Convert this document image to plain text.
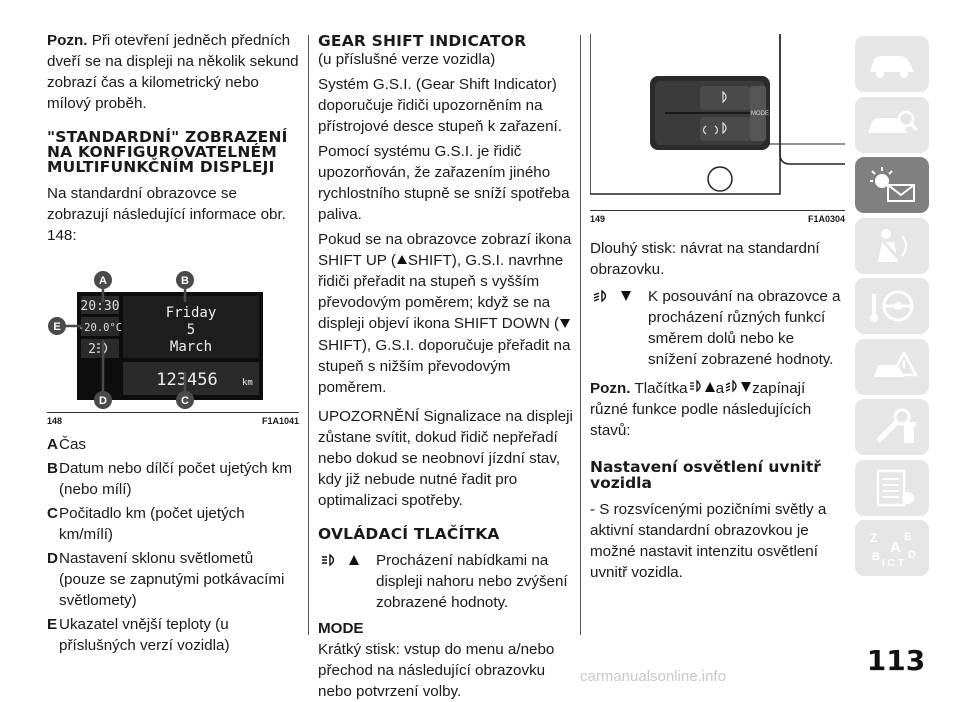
Pozn. Při otevření jedněch předních dveří se na displeji na několik sekund zobrazí čas a kilometrický nebo mílový proběh.

"STANDARDNÍ" ZOBRAZENÍ NA KONFIGUROVATELNÉM MULTIFUNKČNÍM DISPLEJI

Na standardní obrazovce se zobrazují následující informace obr. 148:

20:30
-20.0°C
2
Friday
5
March
123456	km
A	B
E
D	C
148	F1A1041
A Čas
B Datum nebo dílčí počet ujetých km (nebo mílí)
C Počitadlo km (počet ujetých km/mílí)
D Nastavení sklonu světlometů (pouze se zapnutými potkávacími světlomety)
E Ukazatel vnější teploty (u příslušných verzí vozidla)
GEAR SHIFT INDICATOR

(u příslušné verze vozidla)

Systém G.S.I. (Gear Shift Indicator) doporučuje řidiči upozorněním na přístrojové desce stupeň k zařazení.

Pomocí systému G.S.I. je řidič upozorňován, že zařazením jiného rychlostního stupně se sníží spotřeba paliva.

Pokud se na obrazovce zobrazí ikona SHIFT UP ( SHIFT), G.S.I. navrhne řidiči přeřadit na stupeň s vyšším převodovým poměrem; když se na displeji objeví ikona SHIFT DOWN (SHIFT), G.S.I. doporučuje přeřadit na stupeň s nižším převodovým poměrem.

UPOZORNĚNÍ Signalizace na displeji zůstane svítit, dokud řidič nepřeřadí nebo dokud se neobnoví jízdní stav, kdy již nebude nutné řadit pro optimalizaci spotřeby.

OVLÁDACÍ TLAČÍTKA

Procházení nabídkami na displeji nahoru nebo zvýšení zobrazené hodnoty.

MODE

Krátký stisk: vstup do menu a/nebo přechod na následující obrazovku nebo potvrzení volby.

MODE
149	F1A0304

Dlouhý stisk: návrat na standardní obrazovku.

K posouvání na obrazovce a procházení různých funkcí směrem dolů nebo ke snížení zobrazené hodnoty.

Pozn. Tlačítka a zapínají různé funkce podle následujících stavů:

Nastavení osvětlení uvnitř vozidla

- S rozsvícenými pozičními světly a aktivní standardní obrazovkou je možné nastavit intenzitu osvětlení uvnitř vozidla.

Z E
A
B	D
I C T
113
carmanualsonline.info
